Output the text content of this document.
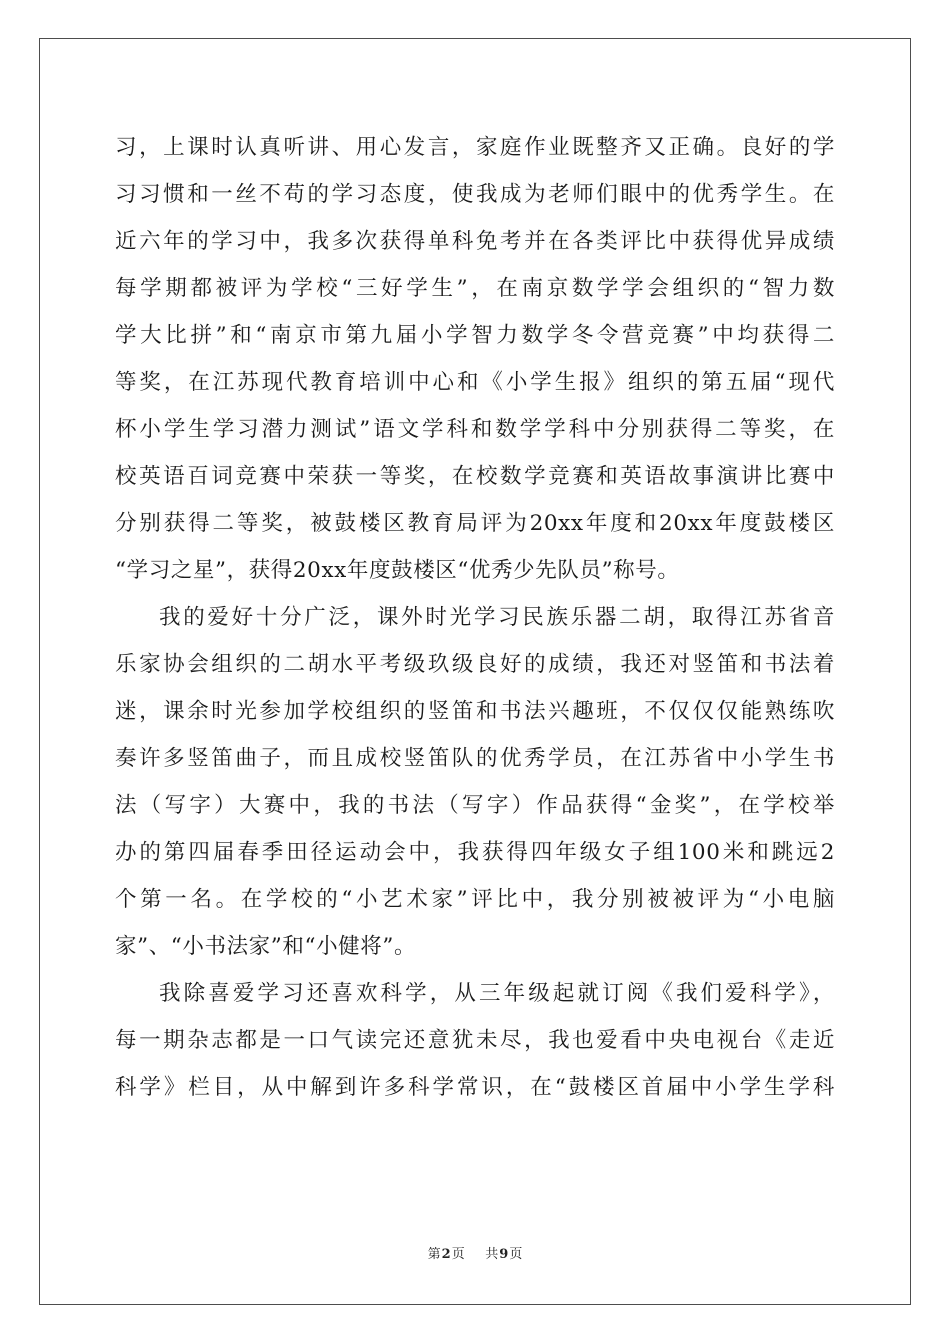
习，上课时认真听讲、用心发言，家庭作业既整齐又正确。良好的学
习习惯和一丝不苟的学习态度，使我成为老师们眼中的优秀学生。在
近六年的学习中，我多次获得单科免考并在各类评比中获得优异成绩
每学期都被评为学校“三好学生”，在南京数学学会组织的“智力数
学大比拼”和“南京市第九届小学智力数学冬令营竞赛”中均获得二
等奖，在江苏现代教育培训中心和《小学生报》组织的第五届“现代
杯小学生学习潜力测试”语文学科和数学学科中分别获得二等奖，在
校英语百词竞赛中荣获一等奖，在校数学竞赛和英语故事演讲比赛中
分别获得二等奖，被鼓楼区教育局评为20xx年度和20xx年度鼓楼区
“学习之星”，获得20xx年度鼓楼区“优秀少先队员”称号。
我的爱好十分广泛，课外时光学习民族乐器二胡，取得江苏省音
乐家协会组织的二胡水平考级玖级良好的成绩，我还对竖笛和书法着
迷，课余时光参加学校组织的竖笛和书法兴趣班，不仅仅仅能熟练吹
奏许多竖笛曲子，而且成校竖笛队的优秀学员，在江苏省中小学生书
法（写字）大赛中，我的书法（写字）作品获得“金奖”，在学校举
办的第四届春季田径运动会中，我获得四年级女子组100米和跳远2
个第一名。在学校的“小艺术家”评比中，我分别被被评为“小电脑
家”、“小书法家”和“小健将”。
我除喜爱学习还喜欢科学，从三年级起就订阅《我们爱科学》，
每一期杂志都是一口气读完还意犹未尽，我也爱看中央电视台《走近
科学》栏目，从中解到许多科学常识，在“鼓楼区首届中小学生学科
第2页 共9页
